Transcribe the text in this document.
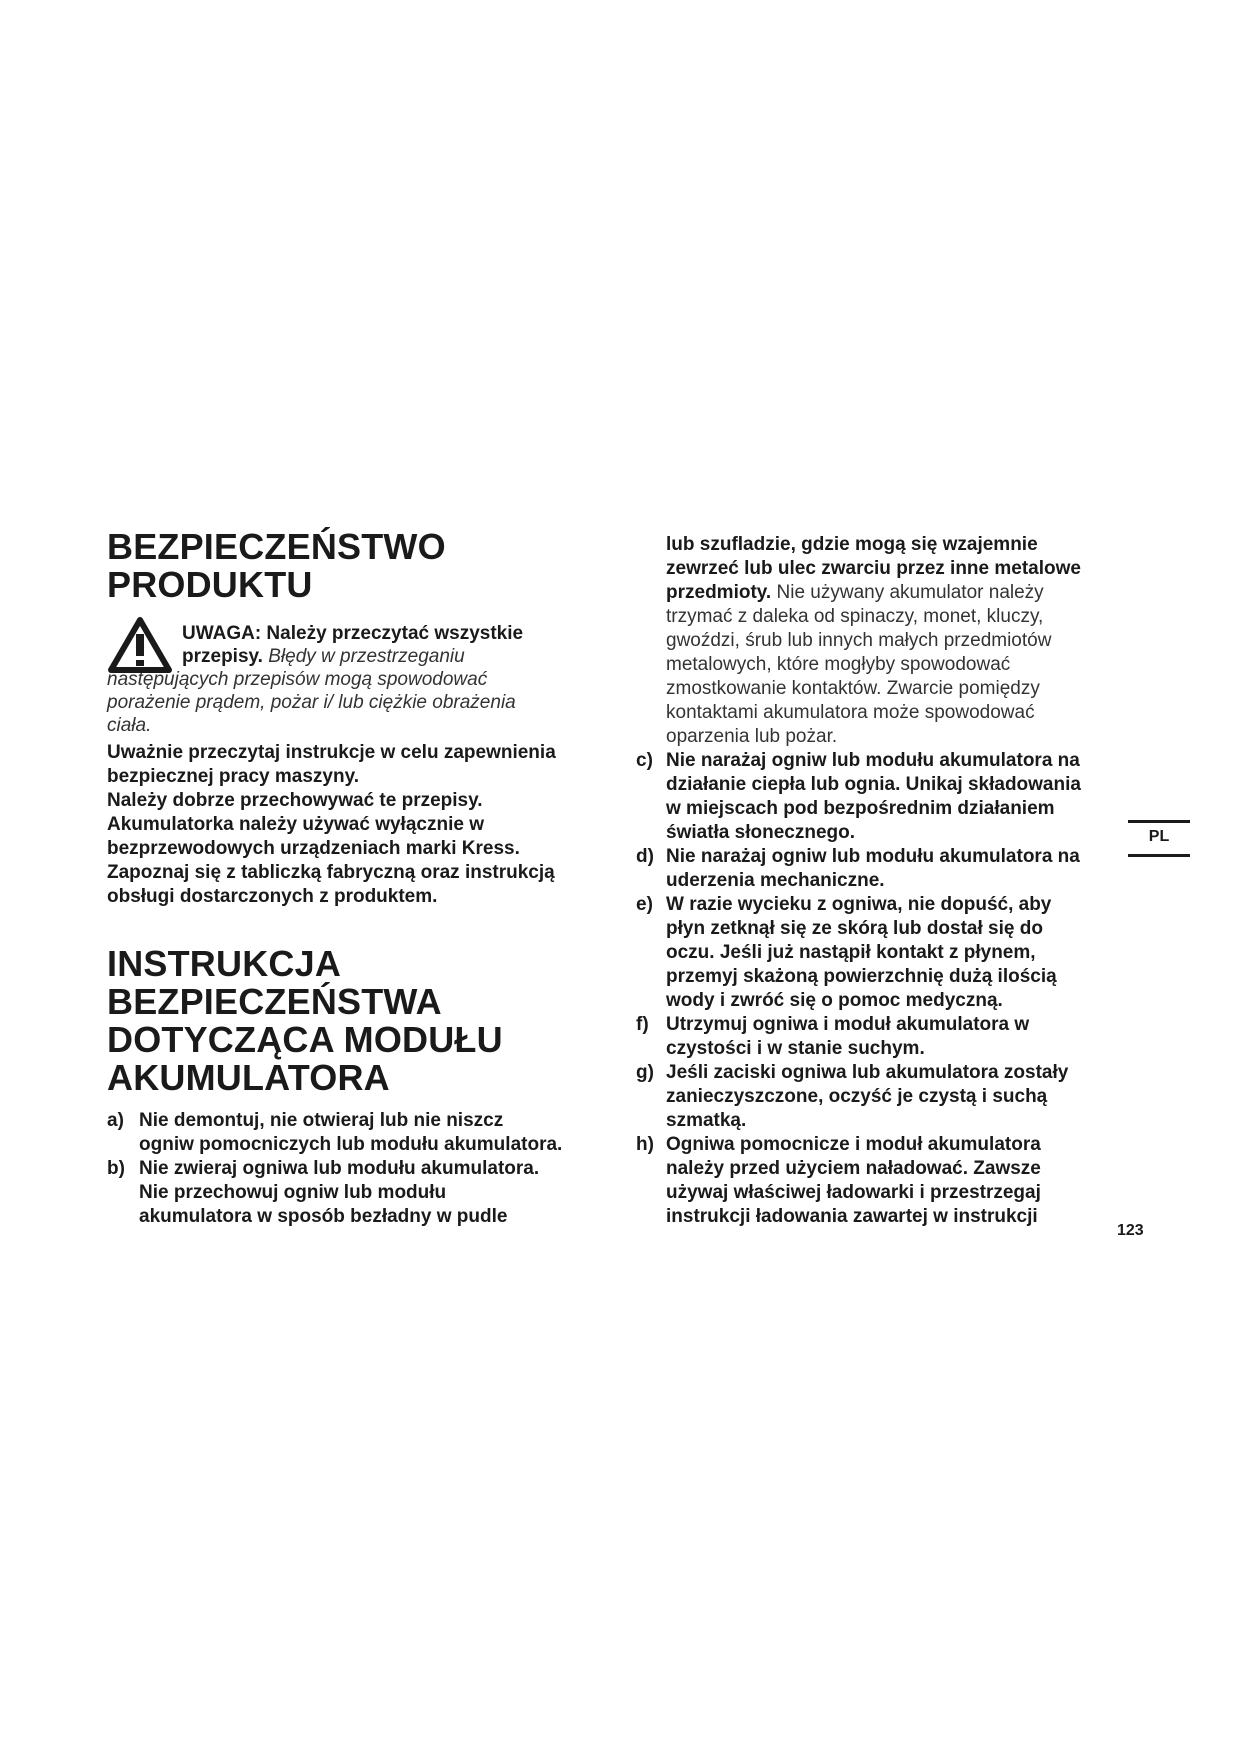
BEZPIECZEŃSTWO
PRODUKTU
UWAGA: Należy przeczytać wszystkie
przepisy. Błędy w przestrzeganiu
następujących przepisów mogą spowodować
porażenie prądem, pożar i/ lub ciężkie obrażenia
ciała.
Uważnie przeczytaj instrukcje w celu zapewnienia
bezpiecznej pracy maszyny.
Należy dobrze przechowywać te przepisy.
Akumulatorka należy używać wyłącznie w
bezprzewodowych urządzeniach marki Kress.
Zapoznaj się z tabliczką fabryczną oraz instrukcją
obsługi dostarczonych z produktem.
INSTRUKCJA
BEZPIECZEŃSTWA
DOTYCZĄCA MODUŁU
AKUMULATORA
a) Nie demontuj, nie otwieraj lub nie niszcz
ogniw pomocniczych lub modułu akumulatora.
b) Nie zwieraj ogniwa lub modułu akumulatora.
Nie przechowuj ogniw lub modułu
akumulatora w sposób bezładny w pudle
lub szufladzie, gdzie mogą się wzajemnie
zewrzeć lub ulec zwarciu przez inne metalowe
przedmioty. Nie używany akumulator należy
trzymać z daleka od spinaczy, monet, kluczy,
gwoździ, śrub lub innych małych przedmiotów
metalowych, które mogłyby spowodować
zmostkowanie kontaktów. Zwarcie pomiędzy
kontaktami akumulatora może spowodować
oparzenia lub pożar.
c) Nie narażaj ogniw lub modułu akumulatora na
działanie ciepła lub ognia. Unikaj składowania
w miejscach pod bezpośrednim działaniem
światła słonecznego.
d) Nie narażaj ogniw lub modułu akumulatora na
uderzenia mechaniczne.
e) W razie wycieku z ogniwa, nie dopuść, aby
płyn zetknął się ze skórą lub dostał się do
oczu. Jeśli już nastąpił kontakt z płynem,
przemyj skażoną powierzchnię dużą ilością
wody i zwróć się o pomoc medyczną.
f) Utrzymuj ogniwa i moduł akumulatora w
czystości i w stanie suchym.
g) Jeśli zaciski ogniwa lub akumulatora zostały
zanieczyszczone, oczyść je czystą i suchą
szmatką.
h) Ogniwa pomocnicze i moduł akumulatora
należy przed użyciem naładować. Zawsze
używaj właściwej ładowarki i przestrzegaj
instrukcji ładowania zawartej w instrukcji
PL
123
